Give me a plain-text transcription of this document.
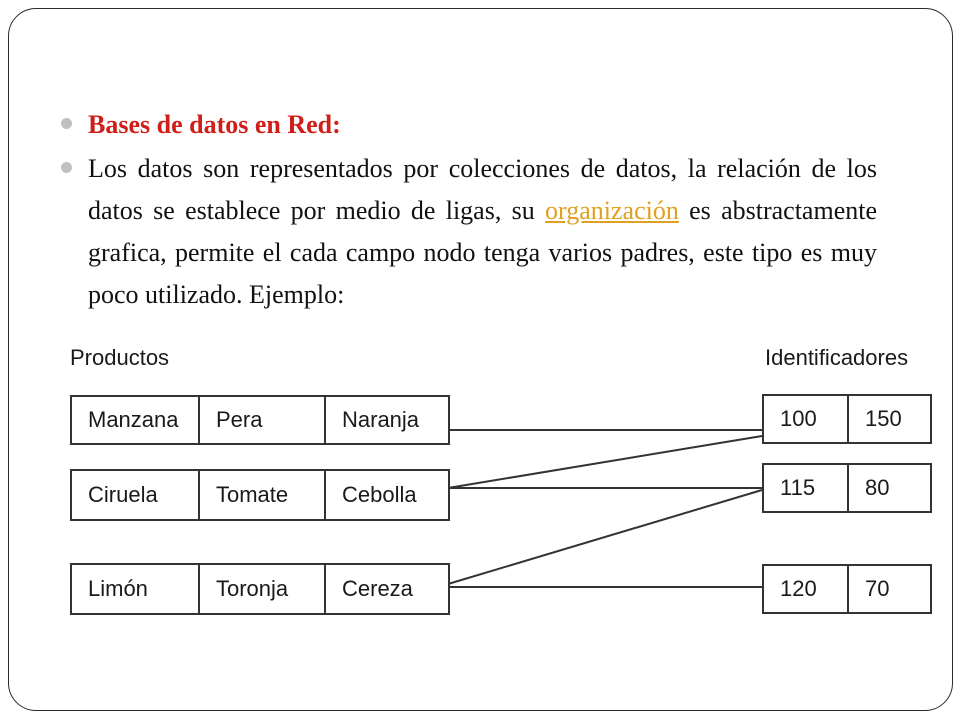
Bases de datos en Red:
Los datos son representados por colecciones de datos, la relación de los datos se establece por medio de ligas, su organización es abstractamente grafica, permite el cada campo nodo tenga varios padres, este tipo es muy poco utilizado. Ejemplo:
Productos	Identificadores
Manzana	Pera	Naranja
Ciruela	Tomate	Cebolla
Limón	Toronja	Cereza
100	150
115	80
120	70
